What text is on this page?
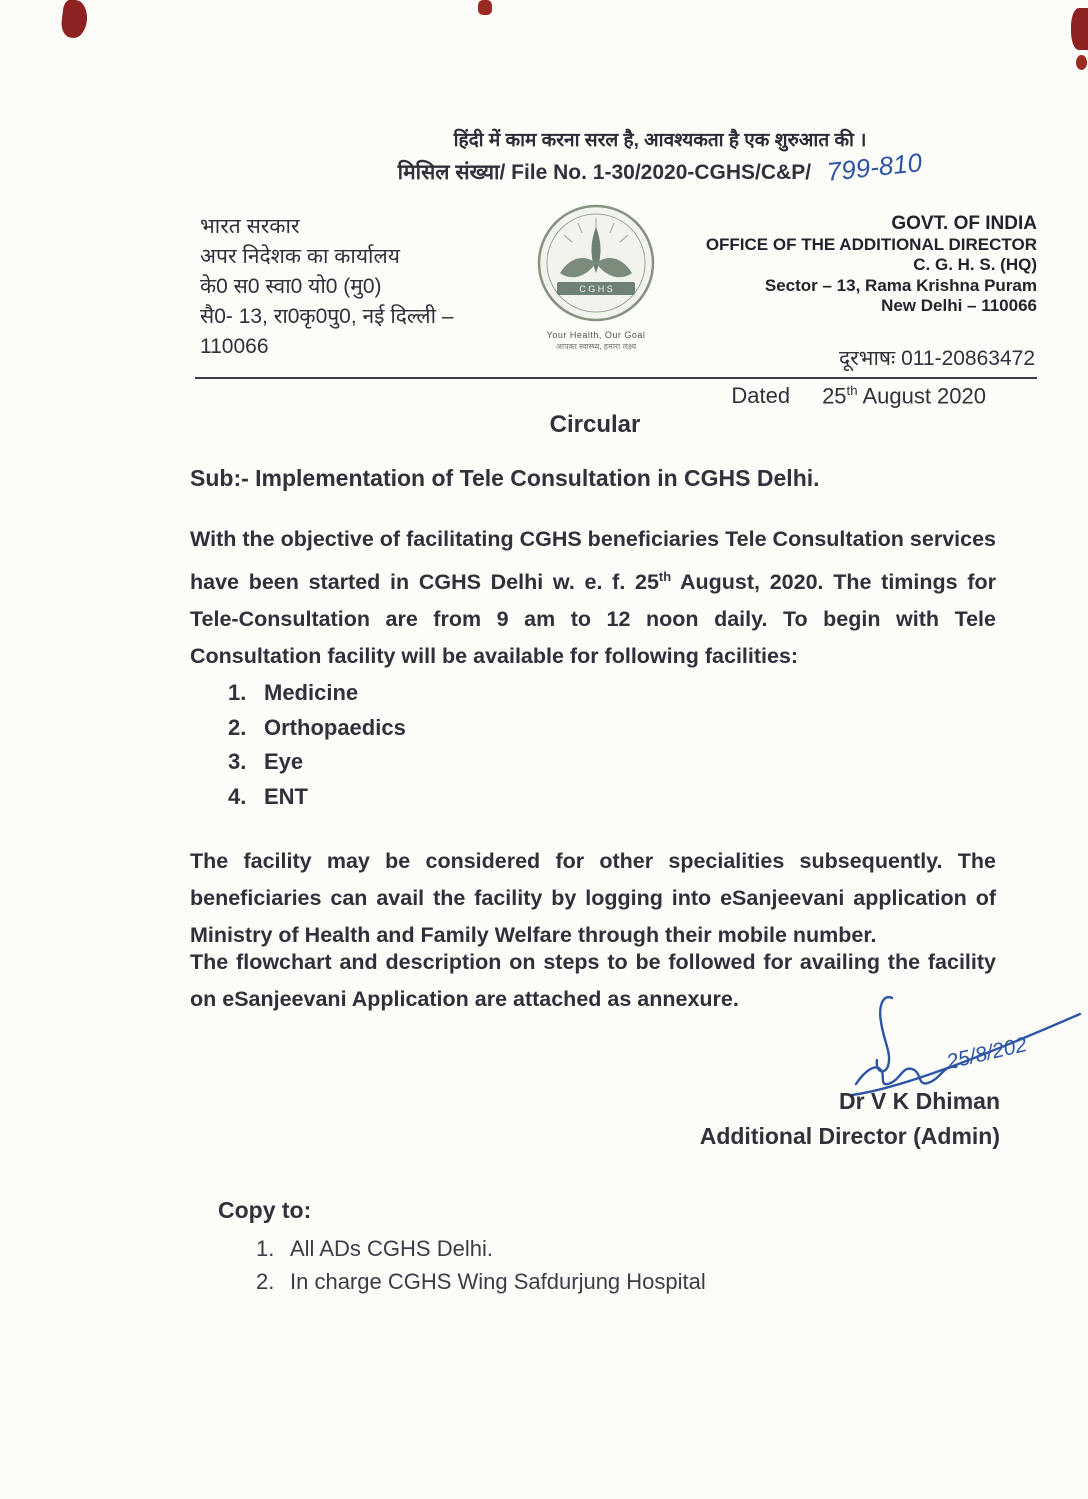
हिंदी में काम करना सरल है, आवश्यकता है एक शुरुआत की ।
मिसिल संख्या/ File No. 1-30/2020-CGHS/C&P/ 799-810
भारत सरकार
अपर निदेशक का कार्यालय
के0 स0 स्वा0 यो0 (मु0)
सै0- 13, रा0कृ0पु0, नई दिल्ली –
110066
C G H S
Your Health, Our Goal
आपका स्वास्थ्य, हमारा लक्ष्य
GOVT. OF INDIA
OFFICE OF THE ADDITIONAL DIRECTOR
C. G. H. S. (HQ)
Sector – 13, Rama Krishna Puram
New Delhi – 110066
दूरभाषः 011-20863472
Dated 25th August 2020
Circular
Sub:- Implementation of Tele Consultation in CGHS Delhi.
With the objective of facilitating CGHS beneficiaries Tele Consultation services have been started in CGHS Delhi w. e. f. 25th August, 2020. The timings for Tele-Consultation are from 9 am to 12 noon daily. To begin with Tele Consultation facility will be available for following facilities:
1. Medicine
2. Orthopaedics
3. Eye
4. ENT
The facility may be considered for other specialities subsequently. The beneficiaries can avail the facility by logging into eSanjeevani application of Ministry of Health and Family Welfare through their mobile number.
The flowchart and description on steps to be followed for availing the facility on eSanjeevani Application are attached as annexure.
25/8/202
Dr V K Dhiman
Additional Director (Admin)
Copy to:
1. All ADs CGHS Delhi.
2. In charge CGHS Wing Safdurjung Hospital
